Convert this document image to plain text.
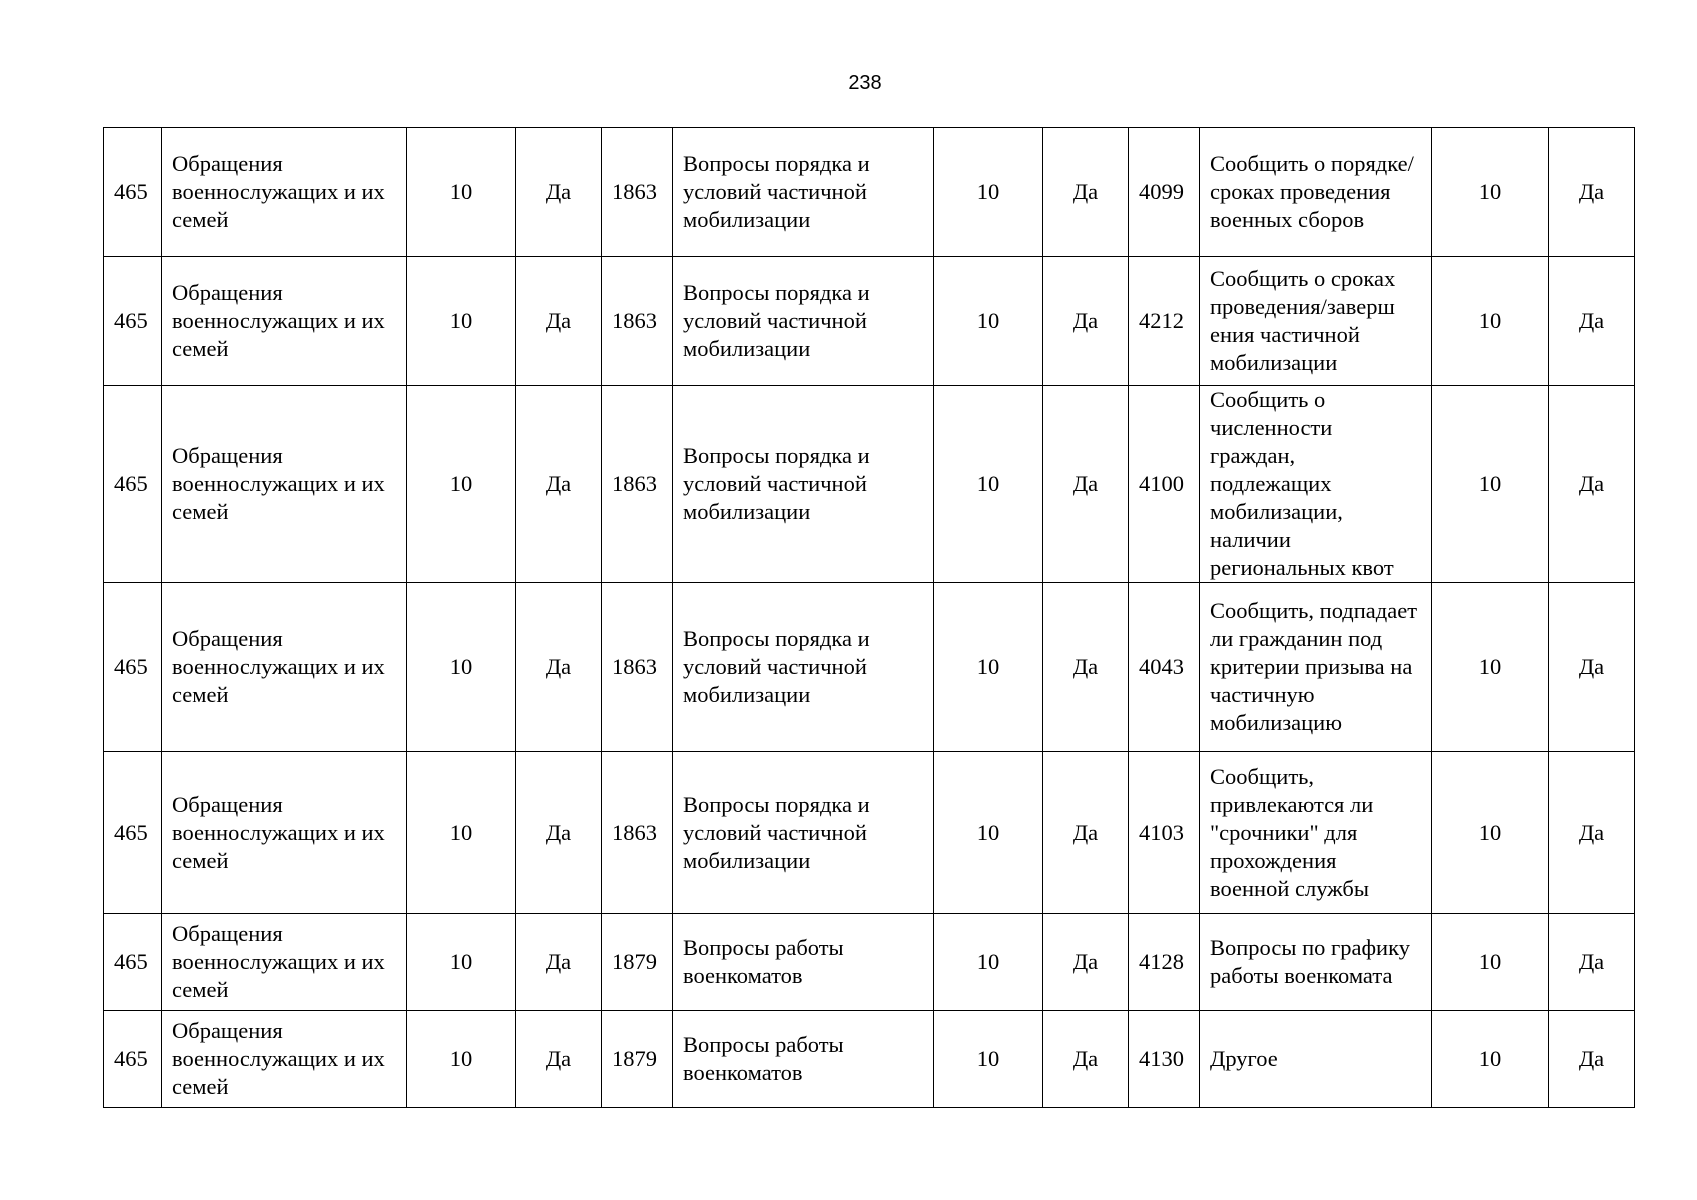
238
465	Обращения военнослужащих и их семей	10	Да	1863	Вопросы порядка и условий частичной мобилизации	10	Да	4099	Сообщить о порядке/сроках проведения военных сборов	10	Да
465	Обращения военнослужащих и их семей	10	Да	1863	Вопросы порядка и условий частичной мобилизации	10	Да	4212	Сообщить о сроках проведения/заверш ения частичной мобилизации	10	Да
465	Обращения военнослужащих и их семей	10	Да	1863	Вопросы порядка и условий частичной мобилизации	10	Да	4100	Сообщить о численности граждан, подлежащих мобилизации, наличии региональных квот	10	Да
465	Обращения военнослужащих и их семей	10	Да	1863	Вопросы порядка и условий частичной мобилизации	10	Да	4043	Сообщить, подпадает ли гражданин под критерии призыва на частичную мобилизацию	10	Да
465	Обращения военнослужащих и их семей	10	Да	1863	Вопросы порядка и условий частичной мобилизации	10	Да	4103	Сообщить, привлекаются ли "срочники" для прохождения военной службы	10	Да
465	Обращения военнослужащих и их семей	10	Да	1879	Вопросы работы военкоматов	10	Да	4128	Вопросы по графику работы военкомата	10	Да
465	Обращения военнослужащих и их семей	10	Да	1879	Вопросы работы военкоматов	10	Да	4130	Другое	10	Да
